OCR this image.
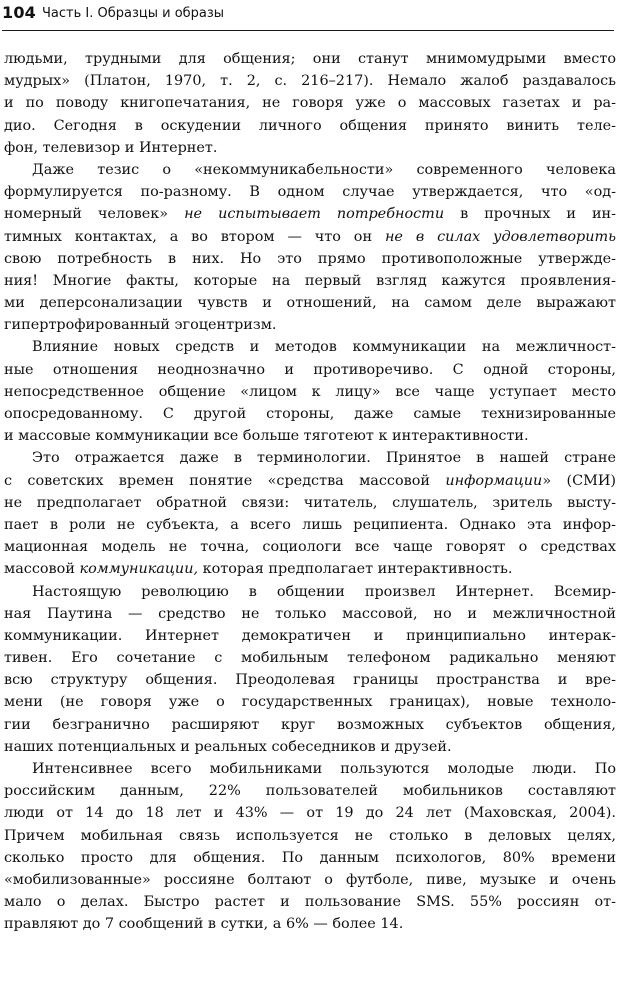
104 Часть I. Образцы и образы
людьми, трудными для общения; они станут мнимомудрыми вместо
мудрых» (Платон, 1970, т. 2, с. 216–217). Немало жалоб раздавалось
и по поводу книгопечатания, не говоря уже о массовых газетах и ра-
дио. Сегодня в оскудении личного общения принято винить теле-
фон, телевизор и Интернет.
Даже тезис о «некоммуникабельности» современного человека
формулируется по-разному. В одном случае утверждается, что «од-
номерный человек» не испытывает потребности в прочных и ин-
тимных контактах, а во втором — что он не в силах удовлетворить
свою потребность в них. Но это прямо противоположные утвержде-
ния! Многие факты, которые на первый взгляд кажутся проявления-
ми деперсонализации чувств и отношений, на самом деле выражают
гипертрофированный эгоцентризм.
Влияние новых средств и методов коммуникации на межличност-
ные отношения неоднозначно и противоречиво. С одной стороны,
непосредственное общение «лицом к лицу» все чаще уступает место
опосредованному. С другой стороны, даже самые технизированные
и массовые коммуникации все больше тяготеют к интерактивности.
Это отражается даже в терминологии. Принятое в нашей стране
с советских времен понятие «средства массовой информации» (СМИ)
не предполагает обратной связи: читатель, слушатель, зритель высту-
пает в роли не субъекта, а всего лишь реципиента. Однако эта инфор-
мационная модель не точна, социологи все чаще говорят о средствах
массовой коммуникации, которая предполагает интерактивность.
Настоящую революцию в общении произвел Интернет. Всемир-
ная Паутина — средство не только массовой, но и межличностной
коммуникации. Интернет демократичен и принципиально интерак-
тивен. Его сочетание с мобильным телефоном радикально меняют
всю структуру общения. Преодолевая границы пространства и вре-
мени (не говоря уже о государственных границах), новые техноло-
гии безгранично расширяют круг возможных субъектов общения,
наших потенциальных и реальных собеседников и друзей.
Интенсивнее всего мобильниками пользуются молодые люди. По
российским данным, 22% пользователей мобильников составляют
люди от 14 до 18 лет и 43% — от 19 до 24 лет (Маховская, 2004).
Причем мобильная связь используется не столько в деловых целях,
сколько просто для общения. По данным психологов, 80% времени
«мобилизованные» россияне болтают о футболе, пиве, музыке и очень
мало о делах. Быстро растет и пользование SMS. 55% россиян от-
правляют до 7 сообщений в сутки, а 6% — более 14.
